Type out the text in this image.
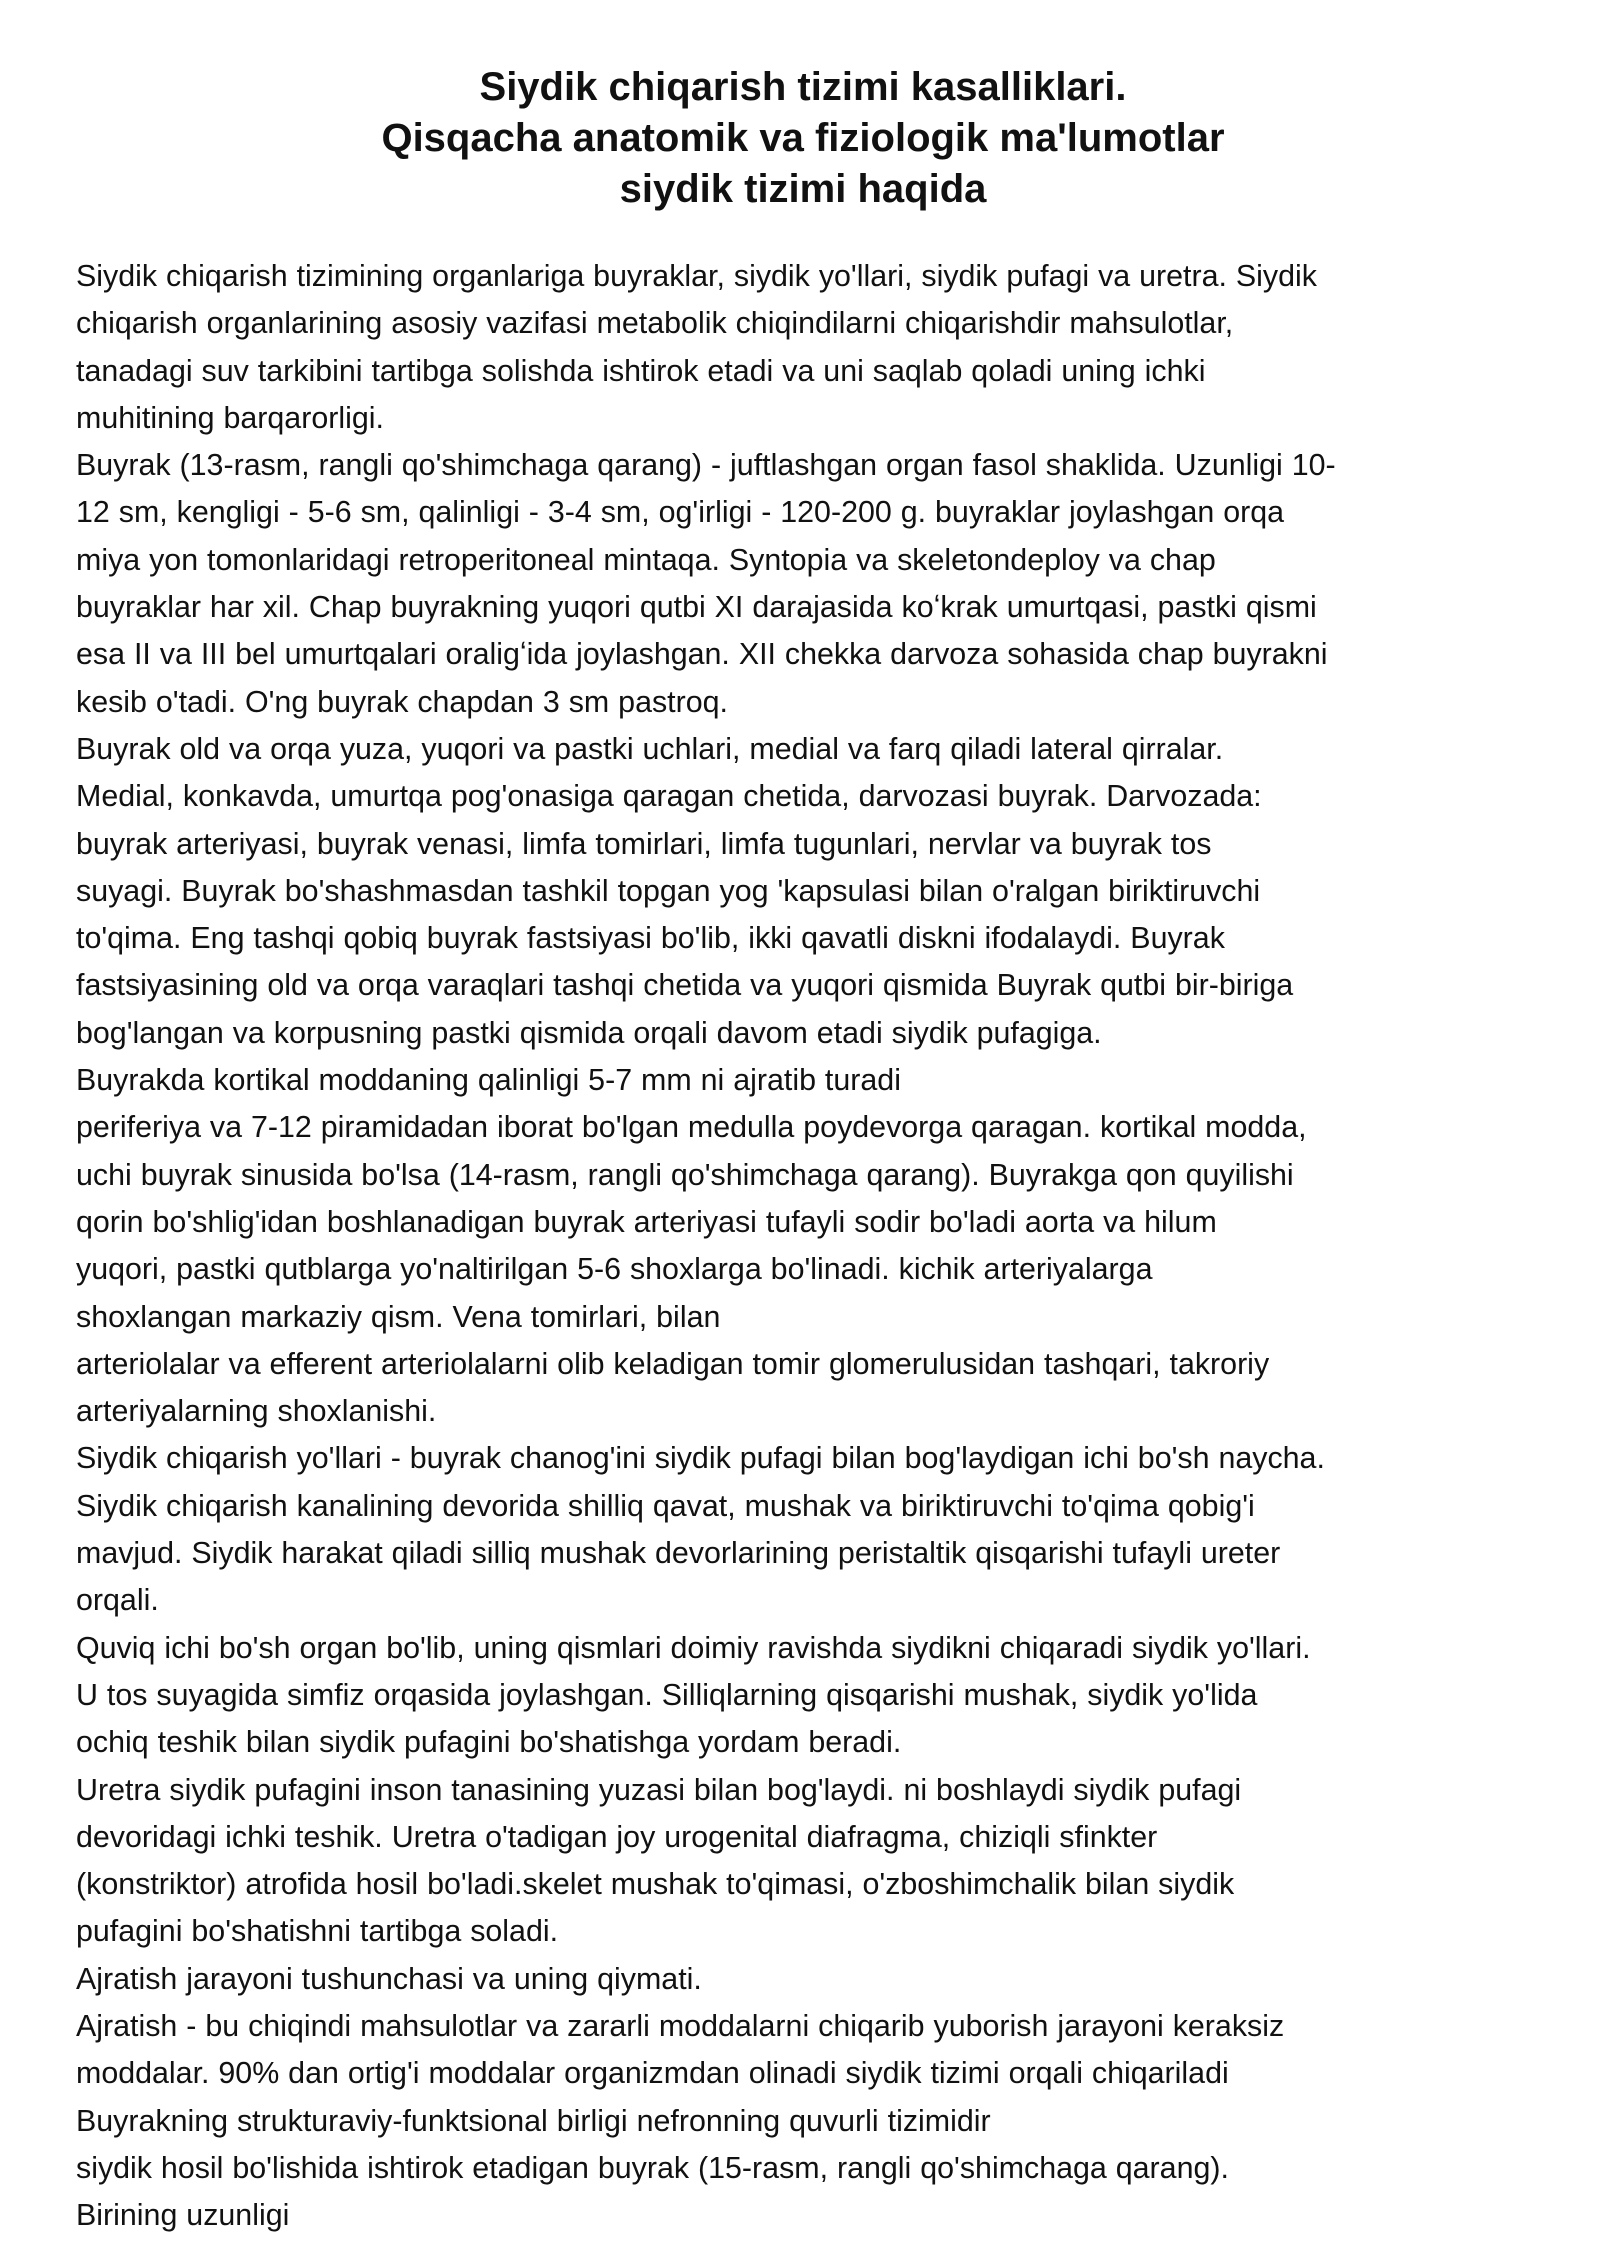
Siydik chiqarish tizimi kasalliklari.
Qisqacha anatomik va fiziologik ma'lumotlar
siydik tizimi haqida
Siydik chiqarish tizimining organlariga buyraklar, siydik yo'llari, siydik pufagi va uretra. Siydik
chiqarish organlarining asosiy vazifasi metabolik chiqindilarni chiqarishdir mahsulotlar,
tanadagi suv tarkibini tartibga solishda ishtirok etadi va uni saqlab qoladi uning ichki
muhitining barqarorligi.
Buyrak (13-rasm, rangli qo'shimchaga qarang) - juftlashgan organ fasol shaklida. Uzunligi 10-
12 sm, kengligi - 5-6 sm, qalinligi - 3-4 sm, og'irligi - 120-200 g. buyraklar joylashgan orqa
miya yon tomonlaridagi retroperitoneal mintaqa. Syntopia va skeletondeploy va chap
buyraklar har xil. Chap buyrakning yuqori qutbi XI darajasida koʻkrak umurtqasi, pastki qismi
esa II va III bel umurtqalari oraligʻida joylashgan. XII chekka darvoza sohasida chap buyrakni
kesib o'tadi. O'ng buyrak chapdan 3 sm pastroq.
Buyrak old va orqa yuza, yuqori va pastki uchlari, medial va farq qiladi lateral qirralar.
Medial, konkavda, umurtqa pog'onasiga qaragan chetida, darvozasi buyrak. Darvozada:
buyrak arteriyasi, buyrak venasi, limfa tomirlari, limfa tugunlari, nervlar va buyrak tos
suyagi. Buyrak bo'shashmasdan tashkil topgan yog 'kapsulasi bilan o'ralgan biriktiruvchi
to'qima. Eng tashqi qobiq buyrak fastsiyasi bo'lib, ikki qavatli diskni ifodalaydi. Buyrak
fastsiyasining old va orqa varaqlari tashqi chetida va yuqori qismida Buyrak qutbi bir-biriga
bog'langan va korpusning pastki qismida orqali davom etadi siydik pufagiga.
Buyrakda kortikal moddaning qalinligi 5-7 mm ni ajratib turadi
periferiya va 7-12 piramidadan iborat bo'lgan medulla poydevorga qaragan. kortikal modda,
uchi buyrak sinusida bo'lsa (14-rasm, rangli qo'shimchaga qarang). Buyrakga qon quyilishi
qorin bo'shlig'idan boshlanadigan buyrak arteriyasi tufayli sodir bo'ladi aorta va hilum
yuqori, pastki qutblarga yo'naltirilgan 5-6 shoxlarga bo'linadi. kichik arteriyalarga
shoxlangan markaziy qism. Vena tomirlari, bilan
arteriolalar va efferent arteriolalarni olib keladigan tomir glomerulusidan tashqari, takroriy
arteriyalarning shoxlanishi.
Siydik chiqarish yo'llari - buyrak chanog'ini siydik pufagi bilan bog'laydigan ichi bo'sh naycha.
Siydik chiqarish kanalining devorida shilliq qavat, mushak va biriktiruvchi to'qima qobig'i
mavjud. Siydik harakat qiladi silliq mushak devorlarining peristaltik qisqarishi tufayli ureter
orqali.
Quviq ichi bo'sh organ bo'lib, uning qismlari doimiy ravishda siydikni chiqaradi siydik yo'llari.
U tos suyagida simfiz orqasida joylashgan. Silliqlarning qisqarishi mushak, siydik yo'lida
ochiq teshik bilan siydik pufagini bo'shatishga yordam beradi.
Uretra siydik pufagini inson tanasining yuzasi bilan bog'laydi. ni boshlaydi siydik pufagi
devoridagi ichki teshik. Uretra o'tadigan joy urogenital diafragma, chiziqli sfinkter
(konstriktor) atrofida hosil bo'ladi.skelet mushak to'qimasi, o'zboshimchalik bilan siydik
pufagini bo'shatishni tartibga soladi.
Ajratish jarayoni tushunchasi va uning qiymati.
Ajratish - bu chiqindi mahsulotlar va zararli moddalarni chiqarib yuborish jarayoni keraksiz
moddalar. 90% dan ortig'i moddalar organizmdan olinadi siydik tizimi orqali chiqariladi
Buyrakning strukturaviy-funktsional birligi nefronning quvurli tizimidir
siydik hosil bo'lishida ishtirok etadigan buyrak (15-rasm, rangli qo'shimchaga qarang).
Birining uzunligi
